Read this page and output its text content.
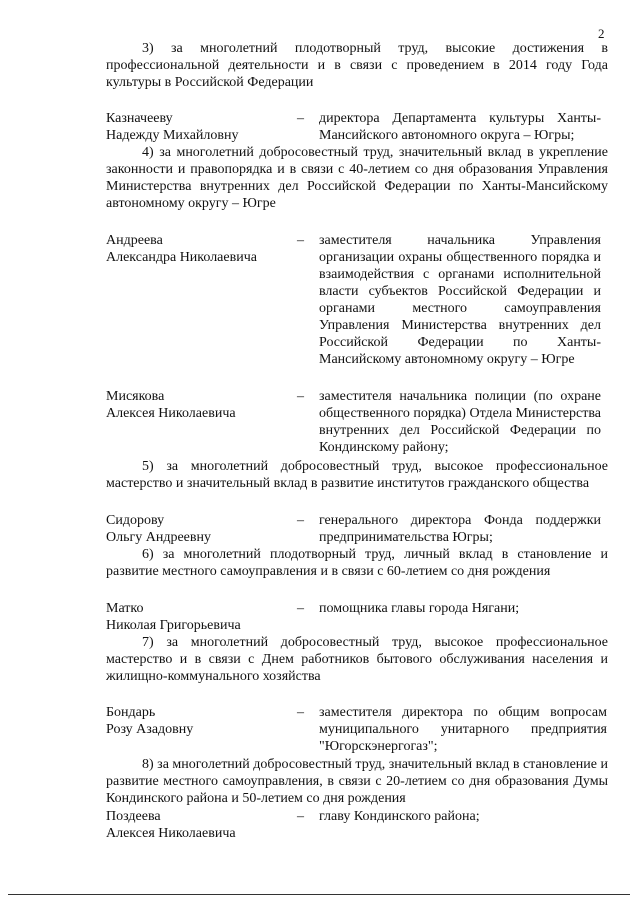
2
3) за многолетний плодотворный труд, высокие достижения в профессиональной деятельности и в связи с проведением в 2014 году Года культуры в Российской Федерации
Казначееву
Надежду Михайловну
– директора Департамента культуры Ханты-Мансийского автономного округа – Югры;
4) за многолетний добросовестный труд, значительный вклад в укрепление законности и правопорядка и в связи с 40-летием со дня образования Управления Министерства внутренних дел Российской Федерации по Ханты-Мансийскому автономному округу – Югре
Андреева
Александра Николаевича
– заместителя начальника Управления организации охраны общественного порядка и взаимодействия с органами исполнительной власти субъектов Российской Федерации и органами местного самоуправления Управления Министерства внутренних дел Российской Федерации по Ханты-Мансийскому автономному округу – Югре
Мисякова
Алексея Николаевича
– заместителя начальника полиции (по охране общественного порядка) Отдела Министерства внутренних дел Российской Федерации по Кондинскому району;
5) за многолетний добросовестный труд, высокое профессиональное мастерство и значительный вклад в развитие институтов гражданского общества
Сидорову
Ольгу Андреевну
– генерального директора Фонда поддержки предпринимательства Югры;
6) за многолетний плодотворный труд, личный вклад в становление и развитие местного самоуправления и в связи с 60-летием со дня рождения
Матко
Николая Григорьевича
– помощника главы города Нягани;
7) за многолетний добросовестный труд, высокое профессиональное мастерство и в связи с Днем работников бытового обслуживания населения и жилищно-коммунального хозяйства
Бондарь
Розу Азадовну
– заместителя директора по общим вопросам муниципального унитарного предприятия "Югорскэнергогаз";
8) за многолетний добросовестный труд, значительный вклад в становление и развитие местного самоуправления, в связи с 20-летием со дня образования Думы Кондинского района и 50-летием со дня рождения
Поздеева
Алексея Николаевича
– главу Кондинского района;
